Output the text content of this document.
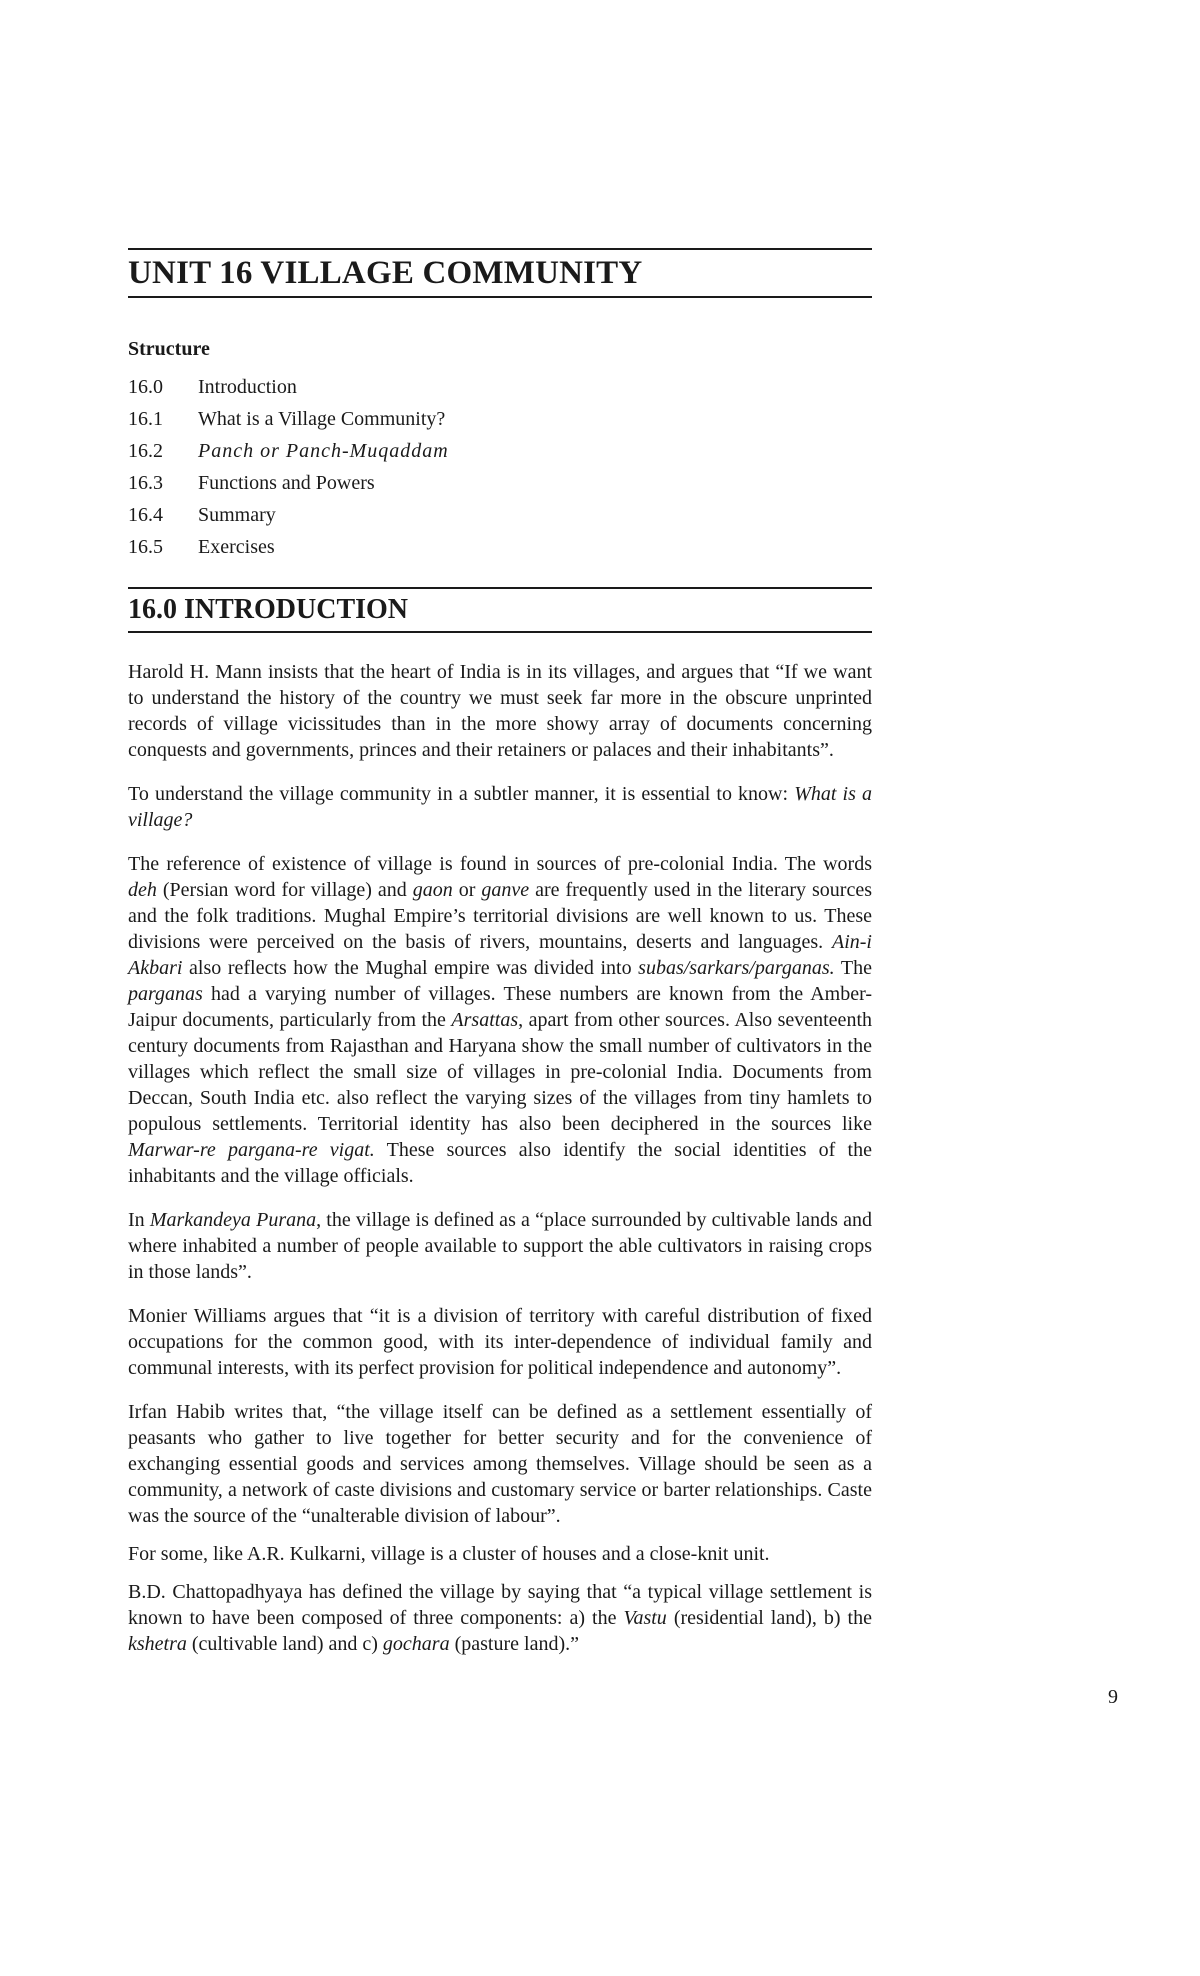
UNIT 16 VILLAGE COMMUNITY
Structure
16.0 Introduction
16.1 What is a Village Community?
16.2 Panch or Panch-Muqaddam
16.3 Functions and Powers
16.4 Summary
16.5 Exercises
16.0 INTRODUCTION

Harold H. Mann insists that the heart of India is in its villages, and argues that “If we want to understand the history of the country we must seek far more in the obscure unprinted records of village vicissitudes than in the more showy array of documents concerning conquests and governments, princes and their retainers or palaces and their inhabitants”.

To understand the village community in a subtler manner, it is essential to know: What is a village?

The reference of existence of village is found in sources of pre-colonial India. The words deh (Persian word for village) and gaon or ganve are frequently used in the literary sources and the folk traditions. Mughal Empire’s territorial divisions are well known to us. These divisions were perceived on the basis of rivers, mountains, deserts and languages. Ain-i Akbari also reflects how the Mughal empire was divided into subas/sarkars/parganas. The parganas had a varying number of villages. These numbers are known from the Amber- Jaipur documents, particularly from the Arsattas, apart from other sources. Also seventeenth century documents from Rajasthan and Haryana show the small number of cultivators in the villages which reflect the small size of villages in pre-colonial India. Documents from Deccan, South India etc. also reflect the varying sizes of the villages from tiny hamlets to populous settlements. Territorial identity has also been deciphered in the sources like Marwar-re pargana-re vigat. These sources also identify the social identities of the inhabitants and the village officials.

In Markandeya Purana, the village is defined as a “place surrounded by cultivable lands and where inhabited a number of people available to support the able cultivators in raising crops in those lands”.

Monier Williams argues that “it is a division of territory with careful distribution of fixed occupations for the common good, with its inter-dependence of individual family and communal interests, with its perfect provision for political independence and autonomy”.

Irfan Habib writes that, “the village itself can be defined as a settlement essentially of peasants who gather to live together for better security and for the convenience of exchanging essential goods and services among themselves. Village should be seen as a community, a network of caste divisions and customary service or barter relationships. Caste was the source of the “unalterable division of labour”.

For some, like A.R. Kulkarni, village is a cluster of houses and a close-knit unit.

B.D. Chattopadhyaya has defined the village by saying that “a typical village settlement is known to have been composed of three components: a) the Vastu (residential land), b) the kshetra (cultivable land) and c) gochara (pasture land).”

9
